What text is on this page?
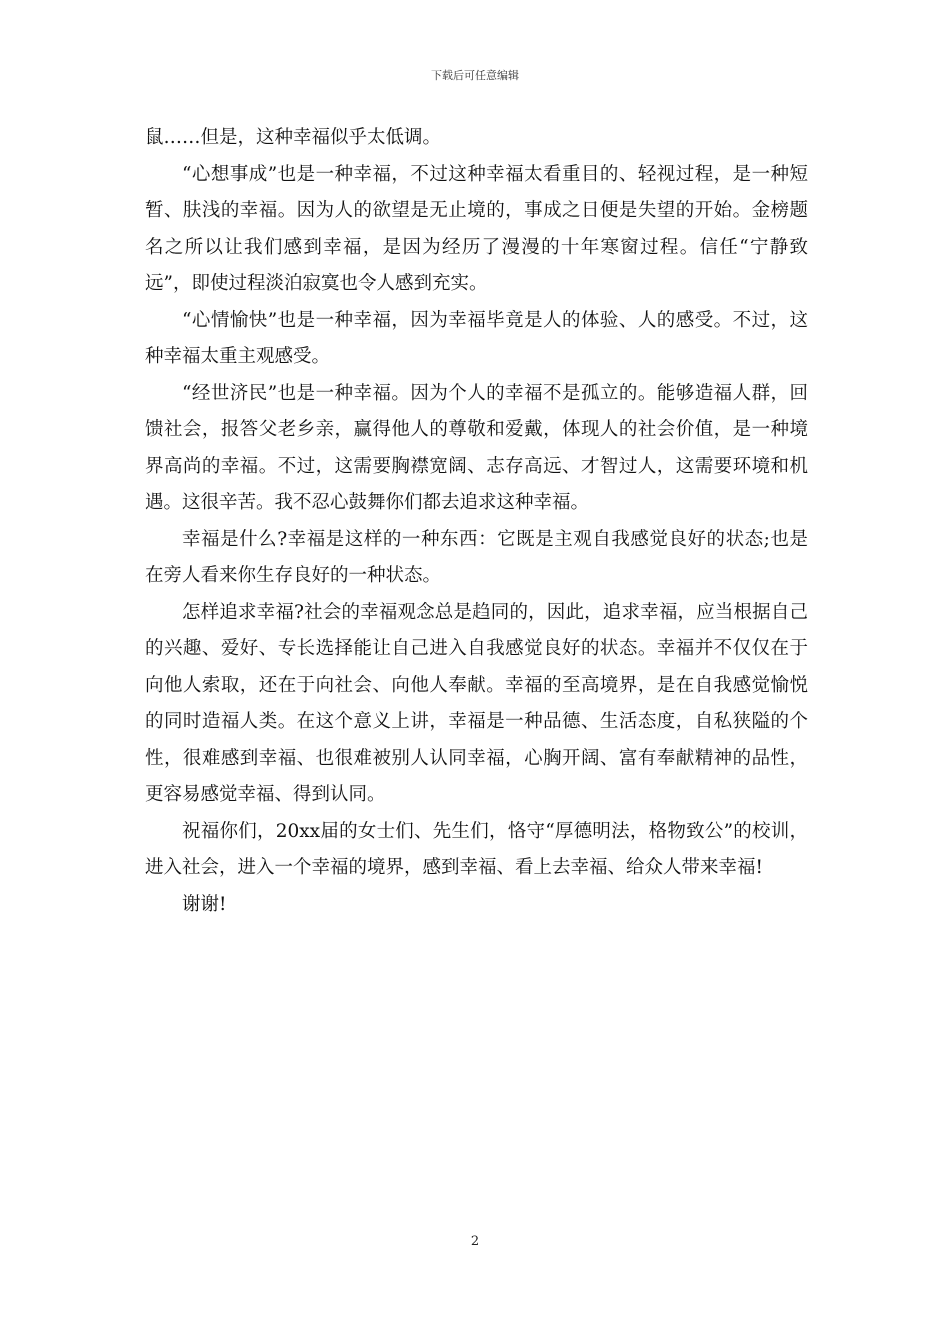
下载后可任意编辑

鼠……但是，这种幸福似乎太低调。

“心想事成”也是一种幸福，不过这种幸福太看重目的、轻视过程，是一种短暂、肤浅的幸福。因为人的欲望是无止境的，事成之日便是失望的开始。金榜题名之所以让我们感到幸福，是因为经历了漫漫的十年寒窗过程。信任“宁静致远”，即使过程淡泊寂寞也令人感到充实。

“心情愉快”也是一种幸福，因为幸福毕竟是人的体验、人的感受。不过，这种幸福太重主观感受。

“经世济民”也是一种幸福。因为个人的幸福不是孤立的。能够造福人群，回馈社会，报答父老乡亲，赢得他人的尊敬和爱戴，体现人的社会价值，是一种境界高尚的幸福。不过，这需要胸襟宽阔、志存高远、才智过人，这需要环境和机遇。这很辛苦。我不忍心鼓舞你们都去追求这种幸福。

幸福是什么?幸福是这样的一种东西：它既是主观自我感觉良好的状态;也是在旁人看来你生存良好的一种状态。

怎样追求幸福?社会的幸福观念总是趋同的，因此，追求幸福，应当根据自己的兴趣、爱好、专长选择能让自己进入自我感觉良好的状态。幸福并不仅仅在于向他人索取，还在于向社会、向他人奉献。幸福的至高境界，是在自我感觉愉悦的同时造福人类。在这个意义上讲，幸福是一种品德、生活态度，自私狭隘的个性，很难感到幸福、也很难被别人认同幸福，心胸开阔、富有奉献精神的品性，更容易感觉幸福、得到认同。

祝福你们，20xx届的女士们、先生们，恪守“厚德明法，格物致公”的校训，进入社会，进入一个幸福的境界，感到幸福、看上去幸福、给众人带来幸福!

谢谢!

2
